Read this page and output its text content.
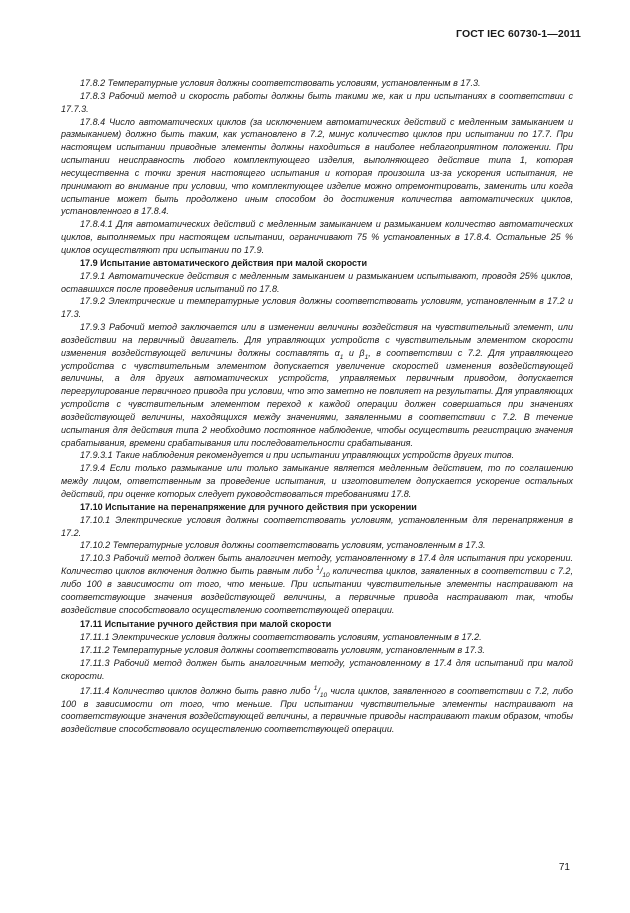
ГОСТ IEC 60730-1—2011

17.8.2 Температурные условия должны соответствовать условиям, установленным в 17.3.

17.8.3 Рабочий метод и скорость работы должны быть такими же, как и при испытаниях в соответствии с 17.7.3.

17.8.4 Число автоматических циклов (за исключением автоматических действий с медленным замыканием и размыканием) должно быть таким, как установлено в 7.2, минус количество циклов при испытании по 17.7. При настоящем испытании приводные элементы должны находиться в наиболее неблагоприятном положении. При испытании неисправность любого комплектующего изделия, выполняющего действие типа 1, которая несущественна с точки зрения настоящего испытания и которая произошла из-за ускорения испытания, не принимают во внимание при условии, что комплектующее изделие можно отремонтировать, заменить или когда испытание может быть продолжено иным способом до достижения количества автоматических циклов, установленного в 17.8.4.

17.8.4.1 Для автоматических действий с медленным замыканием и размыканием количество автоматических циклов, выполняемых при настоящем испытании, ограничивают 75 % установленных в 17.8.4. Остальные 25 % циклов осуществляют при испытании по 17.9.

17.9 Испытание автоматического действия при малой скорости

17.9.1 Автоматические действия с медленным замыканием и размыканием испытывают, проводя 25% циклов, оставшихся после проведения испытаний по 17.8.

17.9.2 Электрические и температурные условия должны соответствовать условиям, установленным в 17.2 и 17.3.

17.9.3 Рабочий метод заключается или в изменении величины воздействия на чувствительный элемент, или воздействии на первичный двигатель. Для управляющих устройств с чувствительным элементом скорости изменения воздействующей величины должны составлять $\alpha_1$ и $\beta_1$, в соответствии с 7.2. Для управляющего устройства с чувствительным элементом допускается увеличение скоростей изменения воздействующей величины, а для других автоматических устройств, управляемых первичным приводом, допускается перегрулирование первичного привода при условии, что это заметно не повлияет на результаты. Для управляющих устройств с чувствительным элементом переход к каждой операции должен совершаться при значениях воздействующей величины, находящихся между значениями, заявленными в соответствии с 7.2. В течение испытания для действия типа 2 необходимо постоянное наблюдение, чтобы осуществить регистрацию значения срабатывания, времени срабатывания или последовательности срабатывания.

17.9.3.1 Такие наблюдения рекомендуется и при испытании управляющих устройств других типов.

17.9.4 Если только размыкание или только замыкание является медленным действием, то по соглашению между лицом, ответственным за проведение испытания, и изготовителем допускается ускорение остальных действий, при оценке которых следует руководствоваться требованиями 17.8.

17.10 Испытание на перенапряжение для ручного действия при ускорении

17.10.1 Электрические условия должны соответствовать условиям, установленным для перенапряжения в 17.2.

17.10.2 Температурные условия должны соответствовать условиям, установленным в 17.3.

17.10.3 Рабочий метод должен быть аналогичен методу, установленному в 17.4 для испытания при ускорении. Количество циклов включения должно быть равным либо $^1/_{10}$ количества циклов, заявленных в соответствии с 7.2, либо 100 в зависимости от того, что меньше. При испытании чувствительные элементы настраивают на соответствующие значения воздействующей величины, а первичные привода настраивают так, чтобы воздействие способствовало осуществлению соответствующей операции.

17.11 Испытание ручного действия при малой скорости

17.11.1 Электрические условия должны соответствовать условиям, установленным в 17.2.

17.11.2 Температурные условия должны соответствовать условиям, установленным в 17.3.

17.11.3 Рабочий метод должен быть аналогичным методу, установленному в 17.4 для испытаний при малой скорости.

17.11.4 Количество циклов должно быть равно либо $^1/_{10}$ числа циклов, заявленного в соответствии с 7.2, либо 100 в зависимости от того, что меньше. При испытании чувствительные элементы настраивают на соответствующие значения воздействующей величины, а первичные приводы настраивают таким образом, чтобы воздействие способствовало осуществлению соответствующей операции.

71
